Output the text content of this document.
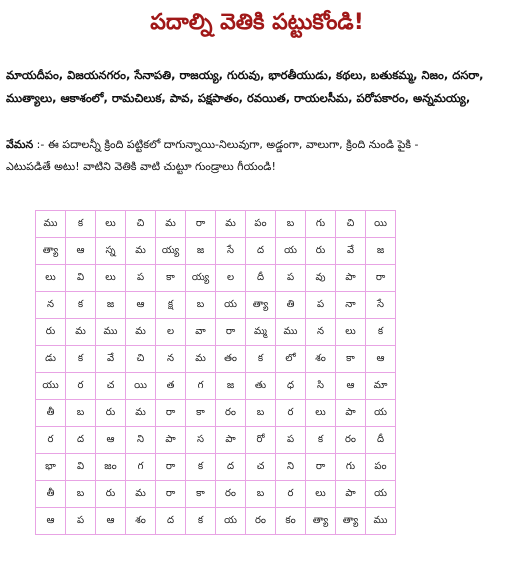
పదాల్ని వెతికి పట్టుకోండి!
మాయదీపం, విజయనగరం, సేనాపతి, రాజయ్య, గురువు, భారతీయుడు, కథలు, బతుకమ్మ, నిజం, దసరా,
ముత్యాలు, ఆకాశంలో, రామచిలుక, పావ, పక్షపాతం, రవయిత, రాయలసీమ, పరోపకారం, అన్నమయ్య,
వేమన :- ఈ పదాలన్నీ క్రింది పట్టికలో దాగున్నాయి-నిలువుగా, అడ్డంగా, వాలుగా, క్రింది నుండి పైకి -
ఎటుపడితే అటు! వాటిని వెతికి వాటి చుట్టూ గుండ్రాలు గీయండి!
ము	క	లు	చి	మ	రా	మ	పం	బ	గు	చి	యి
త్యా	ఆ	స్న	మ	య్య	జ	సే	ద	య	రు	వే	జ
లు	వి	లు	ప	కా	య్య	ల	దీ	ప	వు	పా	రా
న	క	జ	ఆ	క్ష	బ	య	త్యా	తి	ప	నా	సే
రు	మ	ము	మ	ల	వా	రా	మ్మ	ము	న	లు	క
డు	క	వే	చి	న	మ	తం	క	లో	శం	కా	ఆ
యు	ర	చ	యి	త	గ	జ	తు	ధ	సి	ఆ	మా
తీ	బ	రు	మ	రా	కా	రం	బ	ర	లు	పా	య
ర	ద	ఆ	ని	పా	స	పా	రో	ప	క	రం	దీ
భా	వి	జం	గ	రా	క	ద	చ	ని	రా	గు	పం
తీ	బ	రు	మ	రా	కా	రం	బ	ర	లు	పా	య
ఆ	ప	ఆ	శం	ద	క	య	రం	కం	త్యా	త్యా	ము
